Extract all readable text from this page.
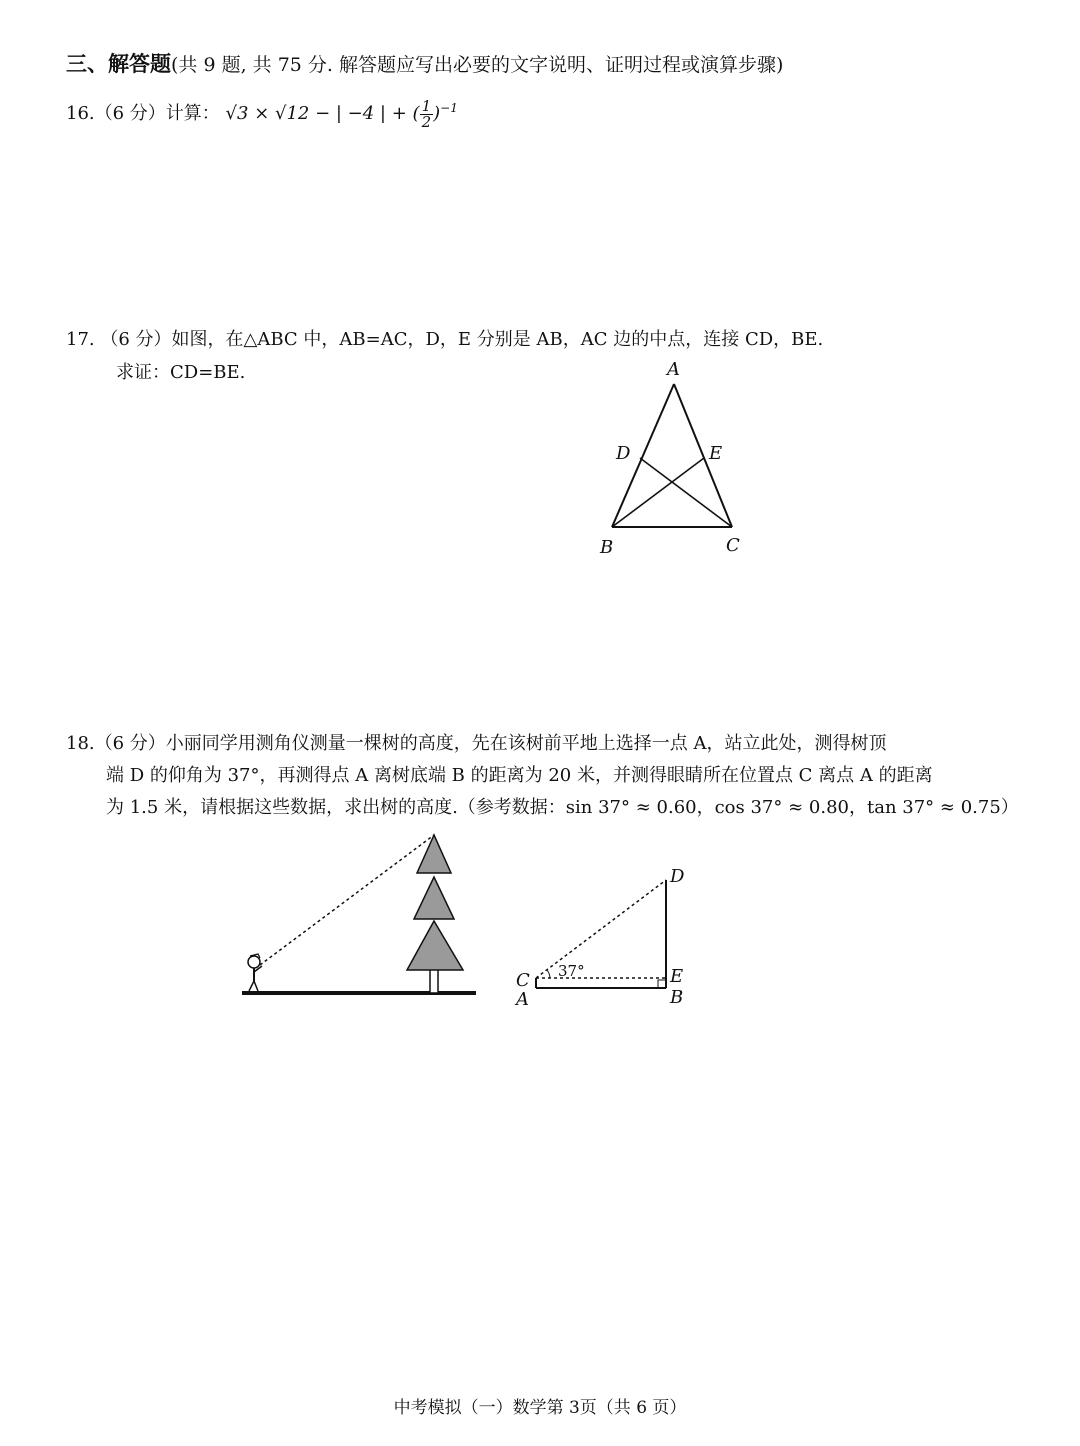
三、解答题(共 9 题, 共 75 分. 解答题应写出必要的文字说明、证明过程或演算步骤)
16.（6 分）计算： √3 × √12 − | −4 | + ( $\frac{1}{2} )^{-1}$
17. （6 分）如图，在△ABC 中，AB=AC，D，E 分别是 AB，AC 边的中点，连接 CD，BE.
求证：CD=BE.	A
D	E
B	C
18.（6 分）小丽同学用测角仪测量一棵树的高度，先在该树前平地上选择一点 A，站立此处，测得树顶
端 D 的仰角为 37°，再测得点 A 离树底端 B 的距离为 20 米，并测得眼睛所在位置点 C 离点 A 的距离
为 1.5 米，请根据这些数据，求出树的高度.（参考数据：sin 37° ≈ 0.60，cos 37° ≈ 0.80，tan 37° ≈ 0.75）
37°
D
E
B
C
A
中考模拟（一）数学第 3页（共 6 页）
